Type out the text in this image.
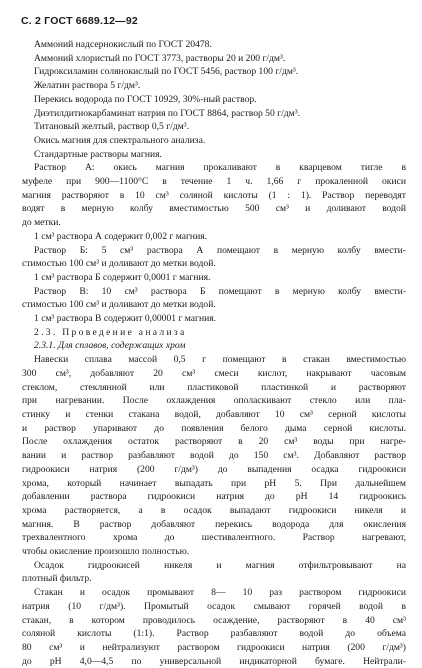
С. 2 ГОСТ 6689.12—92
Аммоний надсернокислый по ГОСТ 20478.
Аммоний хлористый по ГОСТ 3773, растворы 20 и 200 г/дм³.
Гидроксиламин солянокислый по ГОСТ 5456, раствор 100 г/дм³.
Желатин раствора 5 г/дм³.
Перекись водорода по ГОСТ 10929, 30%-ный раствор.
Диэтилдитиокарбаминат натрия по ГОСТ 8864, раствор 50 г/дм³.
Титановый желтый, раствор 0,5 г/дм³.
Окись магния для спектрального анализа.
Стандартные растворы магния.
Раствор А: окись магния прокаливают в кварцевом тигле в
муфеле при 900—1100°С в течение 1 ч. 1,66 г прокаленной окиси
магния растворяют в 10 см³ соляной кислоты (1 : 1). Раствор переводят
водят в мерную колбу вместимостью 500 см³ и доливают водой
до метки.
1 см³ раствора А содержит 0,002 г магния.
Раствор Б: 5 см³ раствора А помещают в мерную колбу вмести-
стимостью 100 см³ и доливают до метки водой.
1 см³ раствора Б содержит 0,0001 г магния.
Раствор В: 10 см³ раствора Б помещают в мерную колбу вмести-
стимостью 100 см³ и доливают до метки водой.
1 см³ раствора В содержит 0,00001 г магния.
2.3. Проведение анализа
2.3.1. Для сплавов, содержащих хром
Навески сплава массой 0,5 г помещают в стакан вместимостью
300 см³, добавляют 20 см³ смеси кислот, накрывают часовым
стеклом, стеклянной или пластиковой пластинкой и растворяют
при нагревании. После охлаждения ополаскивают стекло или пла-
стинку и стенки стакана водой, добавляют 10 см³ серной кислоты
и раствор упаривают до появления белого дыма серной кислоты.
После охлаждения остаток растворяют в 20 см³ воды при нагре-
вании и раствор разбавляют водой до 150 см³. Добавляют раствор
гидроокиси натрия (200 г/дм³) до выпадения осадка гидроокиси
хрома, который начинает выпадать при pH 5. При дальнейшем
добавлении раствора гидроокиси натрия до pH 14 гидроокись
хрома растворяется, а в осадок выпадают гидроокиси никеля и
магния. В раствор добавляют перекись водорода для окисления
трехвалентного хрома до шестивалентного. Раствор нагревают,
чтобы окисление произошло полностью.
Осадок гидроокисей никеля и магния отфильтровывают на
плотный фильтр.
Стакан и осадок промывают 8— 10 раз раствором гидроокиси
натрия (10 г/дм³). Промытый осадок смывают горячей водой в
стакан, в котором проводилось осаждение, растворяют в 40 см³
соляной кислоты (1:1). Раствор разбавляют водой до объема
80 см³ и нейтрализуют раствором гидроокиси натрия (200 г/дм³)
до pH 4,0—4,5 по универсальной индикаторной бумаге. Нейтрали-
